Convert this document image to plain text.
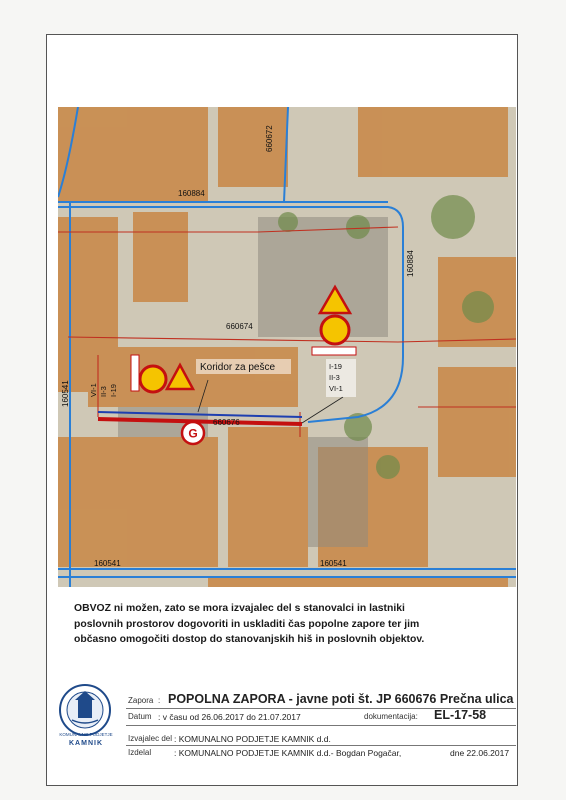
G
660672
160884
160884
660674
160541
160541	160541
660676
Koridor za pešce
VI-1 II-3 I-19
I-19
II-3
VI-1
OBVOZ ni možen, zato se mora izvajalec del s stanovalci in lastniki
poslovnih prostorov dogovoriti in uskladiti čas popolne zapore ter jim
občasno omogočiti dostop do stanovanjskih hiš in poslovnih objektov.
KOMUNALNO PODJETJE
KAMNIK
Zapora : POPOLNA ZAPORA - javne poti št. JP 660676 Prečna ulica
Datum : v času od 26.06.2017 do 21.07.2017	dokumentacija: EL-17-58
Izvajalec del : KOMUNALNO PODJETJE KAMNIK d.d.
Izdelal	: KOMUNALNO PODJETJE KAMNIK d.d.- Bogdan Pogačar,	dne 22.06.2017
